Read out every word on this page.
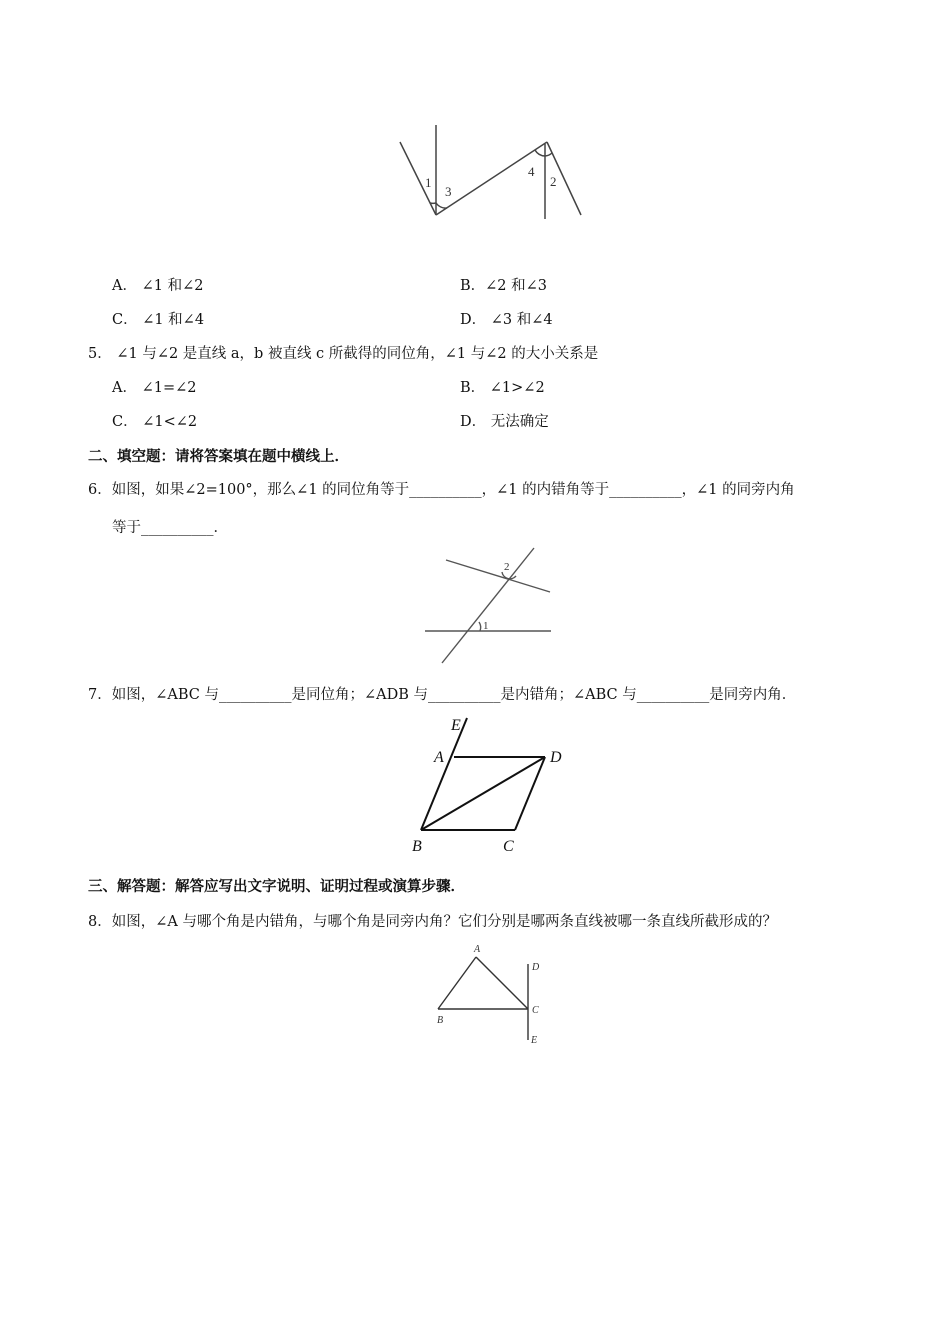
1
3
4
2
A． ∠1 和∠2	B．∠2 和∠3
C． ∠1 和∠4	D． ∠3 和∠4
5． ∠1 与∠2 是直线 a，b 被直线 c 所截得的同位角，∠1 与∠2 的大小关系是
A． ∠1=∠2	B． ∠1>∠2
C． ∠1<∠2	D． 无法确定
二、填空题：请将答案填在题中横线上．
6．如图，如果∠2=100°，那么∠1 的同位角等于__________，∠1 的内错角等于__________，∠1 的同旁内角
等于__________．
2
1
7．如图，∠ABC 与__________是同位角；∠ADB 与__________是内错角；∠ABC 与__________是同旁内角．
E
A	D
B	C
三、解答题：解答应写出文字说明、证明过程或演算步骤．
8．如图，∠A 与哪个角是内错角，与哪个角是同旁内角？它们分别是哪两条直线被哪一条直线所截形成的？
A
D
B
C
E
